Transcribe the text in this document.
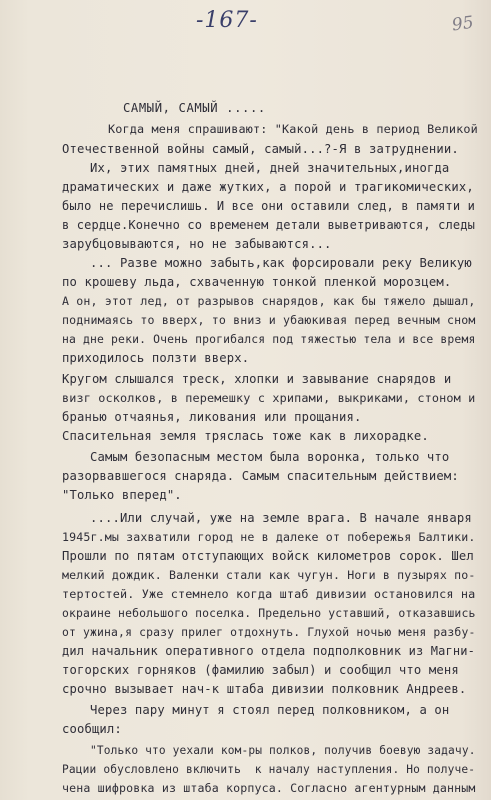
-167-	95
САМЫЙ, САМЫЙ .....
Когда меня спрашивают: "Какой день в период Великой
Отечественной войны самый, самый...?-Я в затруднении.
Их, этих памятных дней, дней значительных,иногда
драматических и даже жутких, а порой и трагикомических,
было не перечислишь. И все они оставили след, в памяти и
в сердце.Конечно со временем детали выветриваются, следы
зарубцовываются, но не забываются...
... Разве можно забыть,как форсировали реку Великую
по крошеву льда, схваченную тонкой пленкой морозцем.
А он, этот лед, от разрывов снарядов, как бы тяжело дышал,
поднимаясь то вверх, то вниз и убаюкивая перед вечным сном
на дне реки. Очень прогибался под тяжестью тела и все время
приходилось ползти вверх.
Кругом слышался треск, хлопки и завывание снарядов и
визг осколков, в перемешку с хрипами, выкриками, стоном и
бранью отчаянья, ликования или прощания.
Спасительная земля тряслась тоже как в лихорадке.
Самым безопасным местом была воронка, только что
разорвавшегося снаряда. Самым спасительным действием:
"Только вперед".
....Или случай, уже на земле врага. В начале января
1945г.мы захватили город не в далеке от побережья Балтики.
Прошли по пятам отступающих войск километров сорок. Шел
мелкий дождик. Валенки стали как чугун. Ноги в пузырях по-
тертостей. Уже стемнело когда штаб дивизии остановился на
окраине небольшого поселка. Предельно уставший, отказавшись
от ужина,я сразу прилег отдохнуть. Глухой ночью меня разбу-
дил начальник оперативного отдела подполковник из Магни-
тогорских горняков (фамилию забыл) и сообщил что меня
срочно вызывает нач-к штаба дивизии полковник Андреев.
Через пару минут я стоял перед полковником, а он
сообщил:
"Только что уехали ком-ры полков, получив боевую задачу.
Рации обусловлено включить  к началу наступления. Но получе-
чена шифровка из штаба корпуса. Согласно агентурным данным
